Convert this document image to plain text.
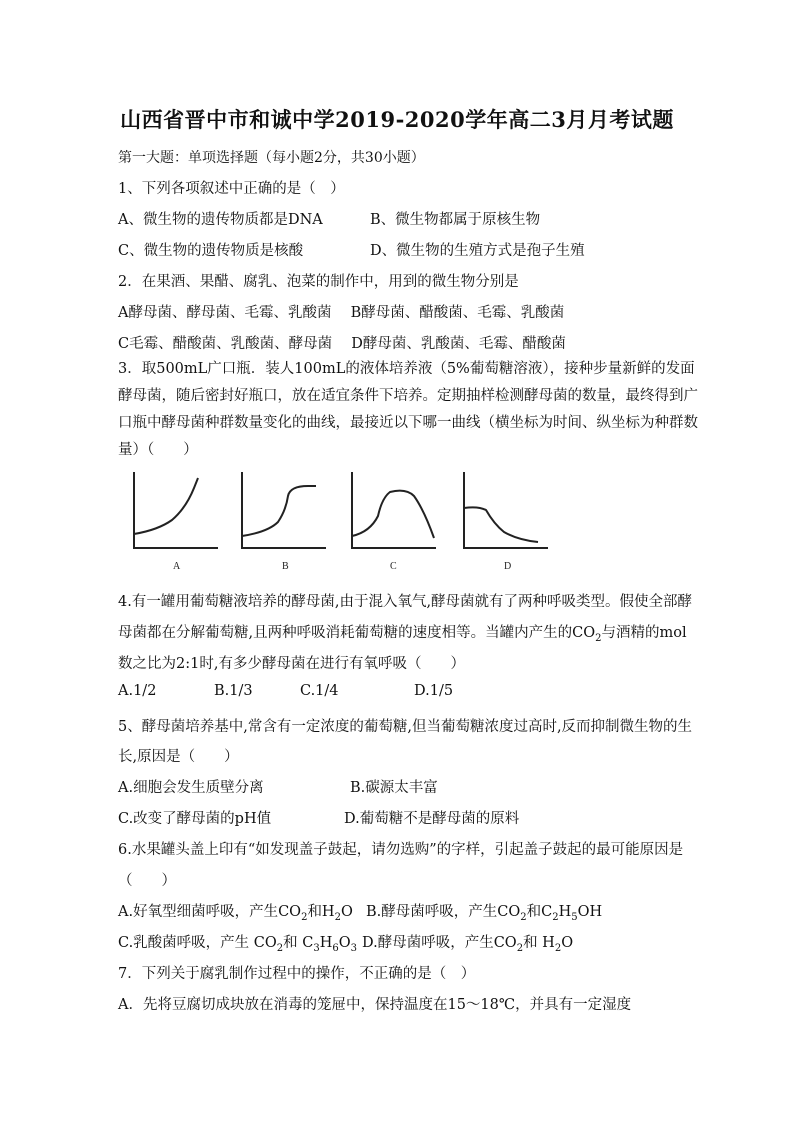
山西省晋中市和诚中学2019-2020学年高二3月月考试题
第一大题：单项选择题（每小题2分，共30小题）
1、下列各项叙述中正确的是（　）
A、微生物的遗传物质都是DNA	B、微生物都属于原核生物
C、微生物的遗传物质是核酸	D、微生物的生殖方式是孢子生殖
2．在果酒、果醋、腐乳、泡菜的制作中，用到的微生物分别是
A酵母菌、酵母菌、毛霉、乳酸菌　 B酵母菌、醋酸菌、毛霉、乳酸菌
C毛霉、醋酸菌、乳酸菌、酵母菌　 D酵母菌、乳酸菌、毛霉、醋酸菌
3．取500mL广口瓶．装人100mL的液体培养液（5%葡萄糖溶液），接种步量新鲜的发面
酵母菌，随后密封好瓶口，放在适宜条件下培养。定期抽样检测酵母菌的数量，最终得到广
口瓶中酵母菌种群数量变化的曲线，最接近以下哪一曲线（横坐标为时间、纵坐标为种群数
量）（　　）
A	B	C	D
4.有一罐用葡萄糖液培养的酵母菌,由于混入氧气,酵母菌就有了两种呼吸类型。假使全部酵
母菌都在分解葡萄糖,且两种呼吸消耗葡萄糖的速度相等。当罐内产生的$CO_2$与酒精的mol
数之比为2:1时,有多少酵母菌在进行有氧呼吸（　　）
A.1/2	B.1/3	C.1/4	D.1/5
5、酵母菌培养基中,常含有一定浓度的葡萄糖,但当葡萄糖浓度过高时,反而抑制微生物的生
长,原因是（　　）
A.细胞会发生质壁分离	B.碳源太丰富
C.改变了酵母菌的pH值	D.葡萄糖不是酵母菌的原料
6.水果罐头盖上印有“如发现盖子鼓起，请勿选购”的字样，引起盖子鼓起的最可能原因是
（　　）
A.好氧型细菌呼吸，产生$CO_2$和$H_2O$ B.酵母菌呼吸，产生$CO_2$和$C_2H_5OH$
C.乳酸菌呼吸，产生 $CO_2$和 $C_3H_6O_3$ D.酵母菌呼吸，产生$CO_2$和 $H_2O$
7．下列关于腐乳制作过程中的操作，不正确的是（　）
A．先将豆腐切成块放在消毒的笼屉中，保持温度在15～18℃，并具有一定湿度
